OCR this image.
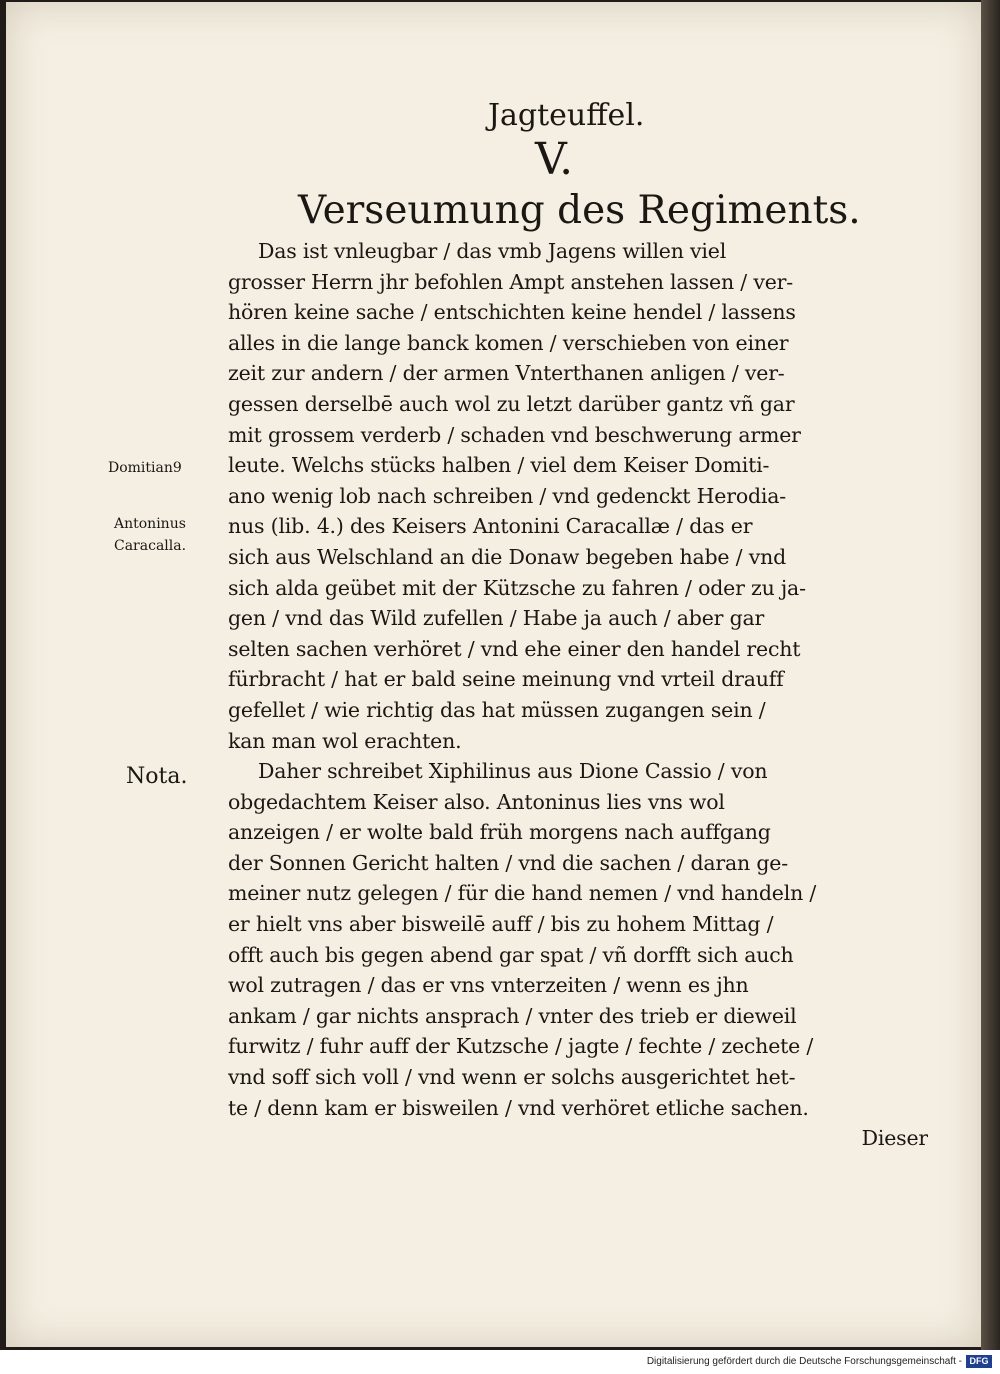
Jagteuffel.
V.
Verseumung des Regiments.
Das ist vnleugbar / das vmb Jagens willen viel
grosser Herrn jhr befohlen Ampt anstehen lassen / ver-
hören keine sache / entschichten keine hendel / lassens
alles in die lange banck komen / verschieben von einer
zeit zur andern / der armen Vnterthanen anligen / ver-
gessen derselbē auch wol zu letzt darüber gantz vñ gar
mit grossem verderb / schaden vnd beschwerung armer
leute. Welchs stücks halben / viel dem Keiser Domiti-
ano wenig lob nach schreiben / vnd gedenckt Herodia-
nus (lib. 4.) des Keisers Antonini Caracallæ / das er
sich aus Welschland an die Donaw begeben habe / vnd
sich alda geübet mit der Kützsche zu fahren / oder zu ja-
gen / vnd das Wild zufellen / Habe ja auch / aber gar
selten sachen verhöret / vnd ehe einer den handel recht
fürbracht / hat er bald seine meinung vnd vrteil drauff
gefellet / wie richtig das hat müssen zugangen sein /
kan man wol erachten.
Daher schreibet Xiphilinus aus Dione Cassio / von
obgedachtem Keiser also. Antoninus lies vns wol
anzeigen / er wolte bald früh morgens nach auffgang
der Sonnen Gericht halten / vnd die sachen / daran ge-
meiner nutz gelegen / für die hand nemen / vnd handeln /
er hielt vns aber bisweilē auff / bis zu hohem Mittag /
offt auch bis gegen abend gar spat / vñ dorfft sich auch
wol zutragen / das er vns vnterzeiten / wenn es jhn
ankam / gar nichts ansprach / vnter des trieb er dieweil
furwitz / fuhr auff der Kutzsche / jagte / fechte / zechete /
vnd soff sich voll / vnd wenn er solchs ausgerichtet het-
te / denn kam er bisweilen / vnd verhöret etliche sachen.
Dieser
Domitian9
Antoninus
Caracalla.
Nota.
Digitalisierung gefördert durch die Deutsche Forschungsgemeinschaft - DFG
